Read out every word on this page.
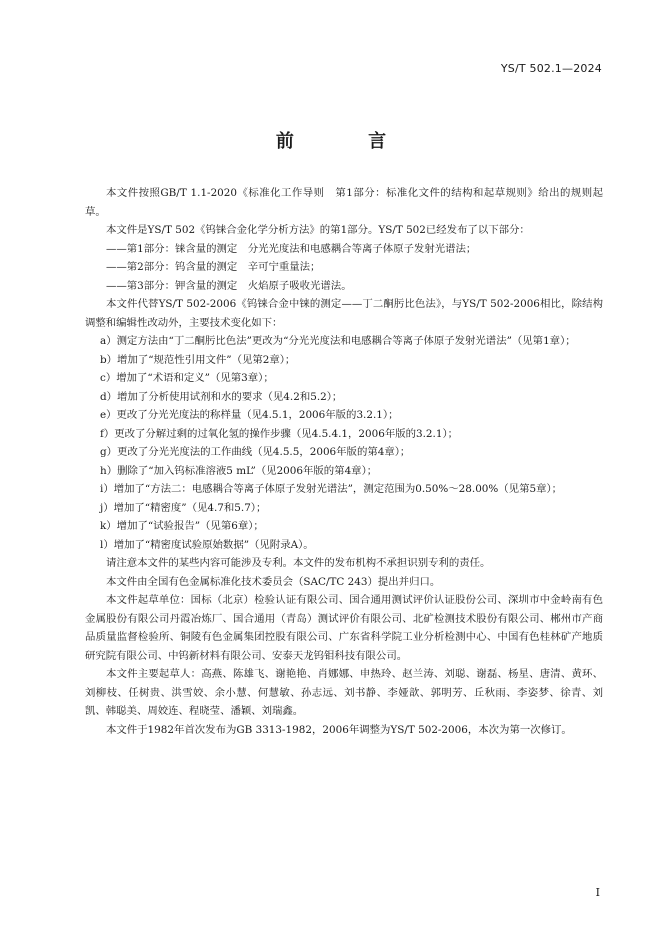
YS/T 502.1—2024
前 言

本文件按照GB/T 1.1-2020《标准化工作导则　第1部分：标准化文件的结构和起草规则》给出的规则起草。

本文件是YS/T 502《钨铼合金化学分析方法》的第1部分。YS/T 502已经发布了以下部分：

——第1部分：铼含量的测定　分光光度法和电感耦合等离子体原子发射光谱法；

——第2部分：钨含量的测定　辛可宁重量法；

——第3部分：钾含量的测定　火焰原子吸收光谱法。

本文件代替YS/T 502-2006《钨铼合金中铼的测定——丁二酮肟比色法》，与YS/T 502-2006相比，除结构调整和编辑性改动外，主要技术变化如下：

a）测定方法由“丁二酮肟比色法”更改为“分光光度法和电感耦合等离子体原子发射光谱法”（见第1章）；

b）增加了“规范性引用文件”（见第2章）；

c）增加了“术语和定义”（见第3章）；

d）增加了分析使用试剂和水的要求（见4.2和5.2）；

e）更改了分光光度法的称样量（见4.5.1，2006年版的3.2.1）；

f）更改了分解过剩的过氧化氢的操作步骤（见4.5.4.1，2006年版的3.2.1）；

g）更改了分光光度法的工作曲线（见4.5.5，2006年版的第4章）；

h）删除了“加入钨标准溶液5 mL”（见2006年版的第4章）；

i）增加了“方法二：电感耦合等离子体原子发射光谱法”，测定范围为0.50%～28.00%（见第5章）；

j）增加了“精密度”（见4.7和5.7）；

k）增加了“试验报告”（见第6章）；

l）增加了“精密度试验原始数据”（见附录A）。

请注意本文件的某些内容可能涉及专利。本文件的发布机构不承担识别专利的责任。

本文件由全国有色金属标准化技术委员会（SAC/TC 243）提出并归口。

本文件起草单位：国标（北京）检验认证有限公司、国合通用测试评价认证股份公司、深圳市中金岭南有色金属股份有限公司丹霞冶炼厂、国合通用（青岛）测试评价有限公司、北矿检测技术股份有限公司、郴州市产商品质量监督检验所、铜陵有色金属集团控股有限公司、广东省科学院工业分析检测中心、中国有色桂林矿产地质研究院有限公司、中钨新材料有限公司、安泰天龙钨钼科技有限公司。

本文件主要起草人：高燕、陈雄飞、谢艳艳、肖娜娜、申热玲、赵兰涛、刘聪、谢磊、杨星、唐清、黄环、刘柳枝、任树贵、洪雪姣、余小慧、何慧敏、孙志远、刘书静、李娅歆、郭明芳、丘秋雨、李姿梦、徐青、刘凯、韩聪美、周姣连、程晓莹、潘颖、刘瑞鑫。

本文件于1982年首次发布为GB 3313-1982，2006年调整为YS/T 502-2006，本次为第一次修订。

I
